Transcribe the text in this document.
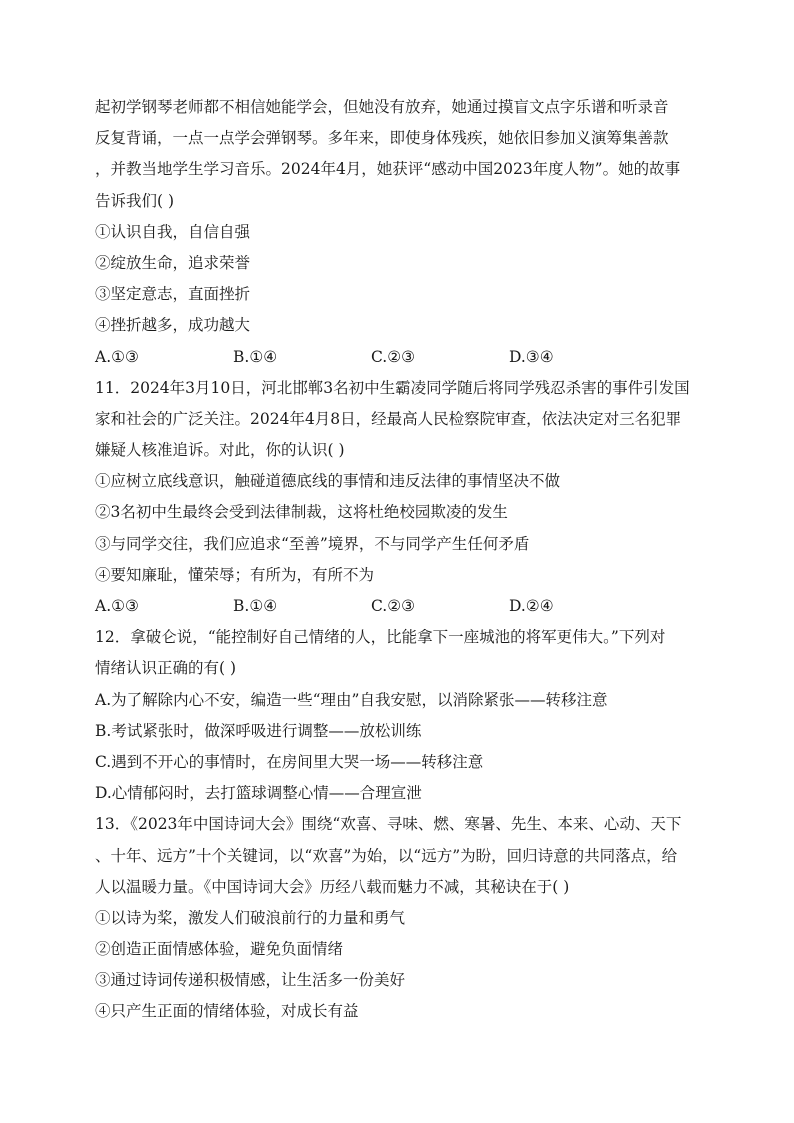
起初学钢琴老师都不相信她能学会，但她没有放弃，她通过摸盲文点字乐谱和听录音
反复背诵，一点一点学会弹钢琴。多年来，即使身体残疾，她依旧参加义演筹集善款
，并教当地学生学习音乐。2024年4月，她获评“感动中国2023年度人物”。她的故事
告诉我们( )
①认识自我，自信自强
②绽放生命，追求荣誉
③坚定意志，直面挫折
④挫折越多，成功越大
A.①③	B.①④	C.②③	D.③④
11．2024年3月10日，河北邯郸3名初中生霸凌同学随后将同学残忍杀害的事件引发国
家和社会的广泛关注。2024年4月8日，经最高人民检察院审查，依法决定对三名犯罪
嫌疑人核准追诉。对此，你的认识( )
①应树立底线意识，触碰道德底线的事情和违反法律的事情坚决不做
②3名初中生最终会受到法律制裁，这将杜绝校园欺凌的发生
③与同学交往，我们应追求“至善”境界，不与同学产生任何矛盾
④要知廉耻，懂荣辱；有所为，有所不为
A.①③	B.①④	C.②③	D.②④
12．拿破仑说，“能控制好自己情绪的人，比能拿下一座城池的将军更伟大。”下列对
情绪认识正确的有( )
A.为了解除内心不安，编造一些“理由”自我安慰，以消除紧张——转移注意
B.考试紧张时，做深呼吸进行调整——放松训练
C.遇到不开心的事情时，在房间里大哭一场——转移注意
D.心情郁闷时，去打篮球调整心情——合理宣泄
13．《2023年中国诗词大会》围绕“欢喜、寻味、燃、寒暑、先生、本来、心动、天下
、十年、远方”十个关键词，以“欢喜”为始，以“远方”为盼，回归诗意的共同落点，给
人以温暖力量。《中国诗词大会》历经八载而魅力不减，其秘诀在于( )
①以诗为桨，激发人们破浪前行的力量和勇气
②创造正面情感体验，避免负面情绪
③通过诗词传递积极情感，让生活多一份美好
④只产生正面的情绪体验，对成长有益
